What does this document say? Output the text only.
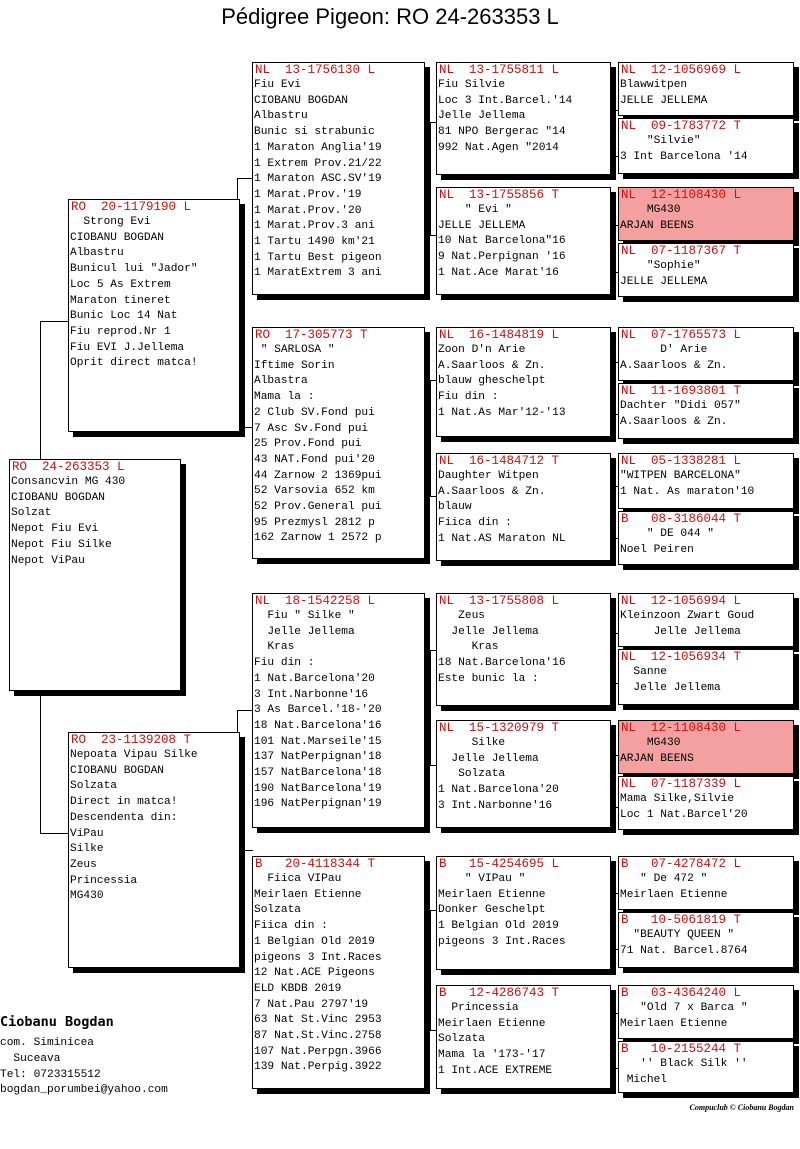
Pédigree Pigeon: RO 24-263353 L
RO  24-263353 L
Consancvin MG 430
CIOBANU BOGDAN
Solzat
Nepot Fiu Evi
Nepot Fiu Silke
Nepot ViPau
RO  20-1179190 L
Strong Evi
CIOBANU BOGDAN
Albastru
Bunicul lui "Jador"
Loc 5 As Extrem
Maraton tineret
Bunic Loc 14 Nat
Fiu reprod.Nr 1
Fiu EVI J.Jellema
Oprit direct matca!
RO  23-1139208 T
Nepoata Vipau Silke
CIOBANU BOGDAN
Solzata
Direct in matca!
Descendenta din:
ViPau
Silke
Zeus
Princessia
MG430
NL  13-1756130 L
Fiu Evi
CIOBANU BOGDAN
Albastru
Bunic si strabunic
1 Maraton Anglia'19
1 Extrem Prov.21/22
1 Maraton ASC.SV'19
1 Marat.Prov.'19
1 Marat.Prov.'20
1 Marat.Prov.3 ani
1 Tartu 1490 km'21
1 Tartu Best pigeon
1 MaratExtrem 3 ani
RO  17-305773 T
" SARLOSA "
Iftime Sorin
Albastra
Mama la :
2 Club SV.Fond pui
7 Asc Sv.Fond pui
25 Prov.Fond pui
43 NAT.Fond pui'20
44 Zarnow 2 1369pui
52 Varsovia 652 km
52 Prov.General pui
95 Prezmysl 2812 p
162 Zarnow 1 2572 p
NL  18-1542258 L
Fiu " Silke "
Jelle Jellema
Kras
Fiu din :
1 Nat.Barcelona'20
3 Int.Narbonne'16
3 As Barcel.'18-'20
18 Nat.Barcelona'16
101 Nat.Marseile'15
137 NatPerpignan'18
157 NatBarcelona'18
190 NatBarcelona'19
196 NatPerpignan'19
B   20-4118344 T
Fiica VIPau
Meirlaen Etienne
Solzata
Fiica din :
1 Belgian Old 2019
pigeons 3 Int.Races
12 Nat.ACE Pigeons
ELD KBDB 2019
7 Nat.Pau 2797'19
63 Nat St.Vinc 2953
87 Nat.St.Vinc.2758
107 Nat.Perpgn.3966
139 Nat.Perpig.3922
NL  13-1755811 L
Fiu Silvie
Loc 3 Int.Barcel.'14
Jelle Jellema
81 NPO Bergerac "14
992 Nat.Agen "2014
NL  13-1755856 T
" Evi "
JELLE JELLEMA
10 Nat Barcelona"16
9 Nat.Perpignan '16
1 Nat.Ace Marat'16
NL  16-1484819 L
Zoon D'n Arie
A.Saarloos & Zn.
blauw gheschelpt
Fiu din :
1 Nat.As Mar'12-'13
NL  16-1484712 T
Daughter Witpen
A.Saarloos & Zn.
blauw
Fiica din :
1 Nat.AS Maraton NL
NL  13-1755808 L
Zeus
Jelle Jellema
Kras
18 Nat.Barcelona'16
Este bunic la :
NL  15-1320979 T
Silke
Jelle Jellema
Solzata
1 Nat.Barcelona'20
3 Int.Narbonne'16
B   15-4254695 L
" VIPau "
Meirlaen Etienne
Donker Geschelpt
1 Belgian Old 2019
pigeons 3 Int.Races
B   12-4286743 T
Princessia
Meirlaen Etienne
Solzata
Mama la '173-'17
1 Int.ACE EXTREME
NL  12-1056969 L
Blawwitpen
JELLE JELLEMA
NL  09-1783772 T
"Silvie"
3 Int Barcelona '14
NL  12-1108430 L
MG430
ARJAN BEENS
NL  07-1187367 T
"Sophie"
JELLE JELLEMA
NL  07-1765573 L
D' Arie
A.Saarloos & Zn.
NL  11-1693801 T
Dachter "Didi 057"
A.Saarloos & Zn.
NL  05-1338281 L
"WITPEN BARCELONA"
1 Nat. As maraton'10
B   08-3186044 T
" DE 044 "
Noel Peiren
NL  12-1056994 L
Kleinzoon Zwart Goud
Jelle Jellema
NL  12-1056934 T
Sanne
Jelle Jellema
NL  12-1108430 L
MG430
ARJAN BEENS
NL  07-1187339 L
Mama Silke,Silvie
Loc 1 Nat.Barcel'20
B   07-4278472 L
" De 472 "
Meirlaen Etienne
B   10-5061819 T
"BEAUTY QUEEN "
71 Nat. Barcel.8764
B   03-4364240 L
"Old 7 x Barca "
Meirlaen Etienne
B   10-2155244 T
'' Black Silk ''
Michel
Ciobanu Bogdan
com. Siminicea
Suceava
Tel: 0723315512
bogdan_porumbei@yahoo.com
Compuclub © Ciobanu Bogdan
